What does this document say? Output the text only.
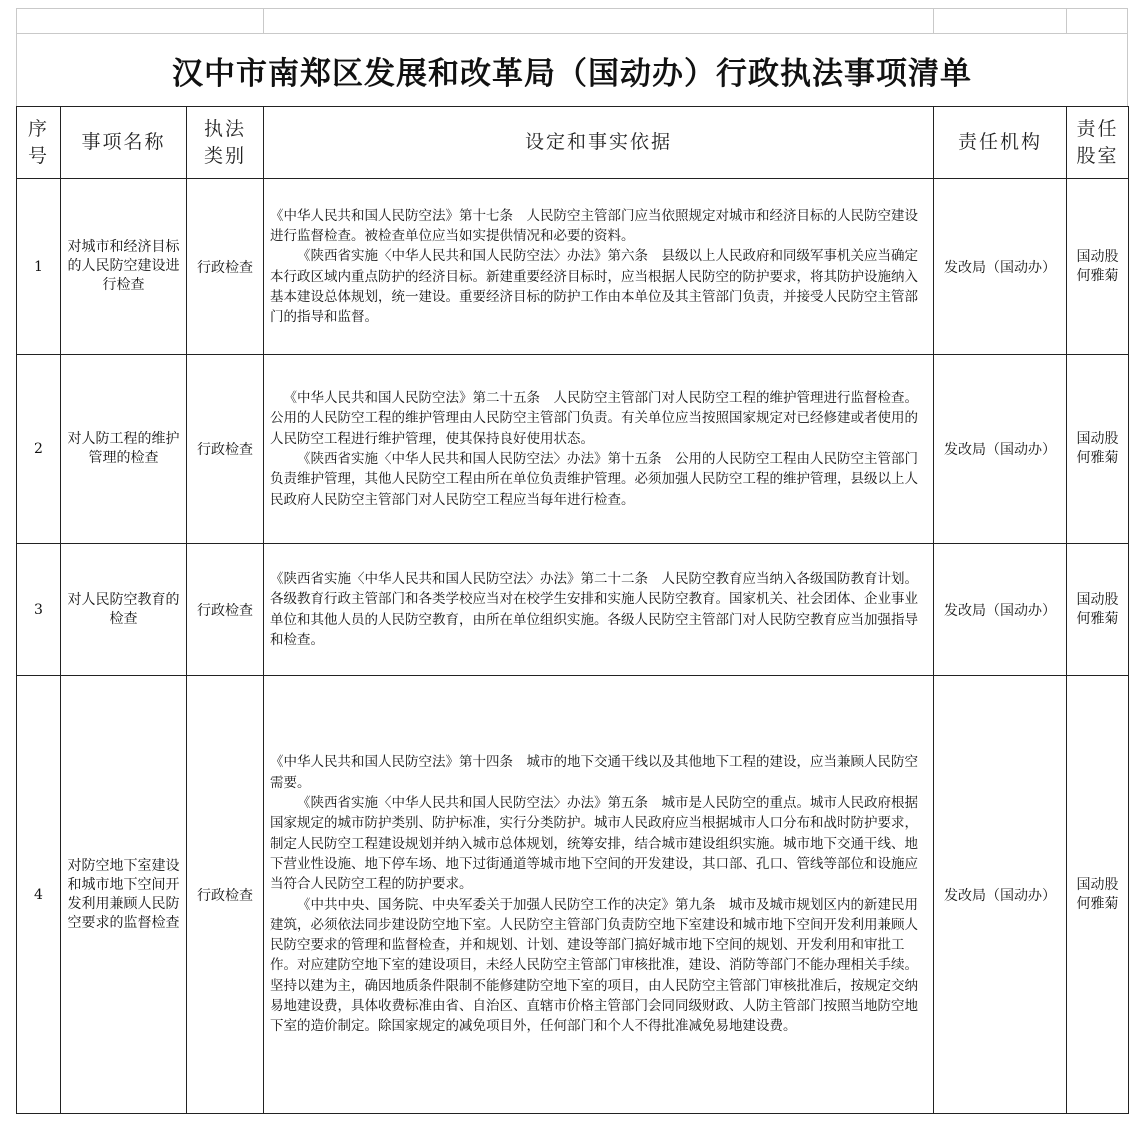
汉中市南郑区发展和改革局（国动办）行政执法事项清单
序号	事项名称	执法类别	设定和事实依据	责任机构	责任股室
1	对城市和经济目标的人民防空建设进行检查	行政检查	《中华人民共和国人民防空法》第十七条　人民防空主管部门应当依照规定对城市和经济目标的人民防空建设进行监督检查。被检查单位应当如实提供情况和必要的资料。

《陕西省实施〈中华人民共和国人民防空法〉办法》第六条　县级以上人民政府和同级军事机关应当确定本行政区域内重点防护的经济目标。新建重要经济目标时，应当根据人民防空的防护要求，将其防护设施纳入基本建设总体规划，统一建设。重要经济目标的防护工作由本单位及其主管部门负责，并接受人民防空主管部门的指导和监督。	发改局（国动办）	国动股何雅菊
2	对人防工程的维护管理的检查	行政检查	《中华人民共和国人民防空法》第二十五条　人民防空主管部门对人民防空工程的维护管理进行监督检查。公用的人民防空工程的维护管理由人民防空主管部门负责。有关单位应当按照国家规定对已经修建或者使用的人民防空工程进行维护管理，使其保持良好使用状态。

《陕西省实施〈中华人民共和国人民防空法〉办法》第十五条　公用的人民防空工程由人民防空主管部门负责维护管理，其他人民防空工程由所在单位负责维护管理。必须加强人民防空工程的维护管理，县级以上人民政府人民防空主管部门对人民防空工程应当每年进行检查。	发改局（国动办）	国动股何雅菊
3	对人民防空教育的检查	行政检查	《陕西省实施〈中华人民共和国人民防空法〉办法》第二十二条　人民防空教育应当纳入各级国防教育计划。各级教育行政主管部门和各类学校应当对在校学生安排和实施人民防空教育。国家机关、社会团体、企业事业单位和其他人员的人民防空教育，由所在单位组织实施。各级人民防空主管部门对人民防空教育应当加强指导和检查。	发改局（国动办）	国动股何雅菊
4	对防空地下室建设和城市地下空间开发利用兼顾人民防空要求的监督检查	行政检查	《中华人民共和国人民防空法》第十四条　城市的地下交通干线以及其他地下工程的建设，应当兼顾人民防空需要。

《陕西省实施〈中华人民共和国人民防空法〉办法》第五条　城市是人民防空的重点。城市人民政府根据国家规定的城市防护类别、防护标准，实行分类防护。城市人民政府应当根据城市人口分布和战时防护要求，制定人民防空工程建设规划并纳入城市总体规划，统筹安排，结合城市建设组织实施。城市地下交通干线、地下营业性设施、地下停车场、地下过街通道等城市地下空间的开发建设，其口部、孔口、管线等部位和设施应当符合人民防空工程的防护要求。

《中共中央、国务院、中央军委关于加强人民防空工作的决定》第九条　城市及城市规划区内的新建民用建筑，必须依法同步建设防空地下室。人民防空主管部门负责防空地下室建设和城市地下空间开发利用兼顾人民防空要求的管理和监督检查，并和规划、计划、建设等部门搞好城市地下空间的规划、开发利用和审批工作。对应建防空地下室的建设项目，未经人民防空主管部门审核批准，建设、消防等部门不能办理相关手续。坚持以建为主，确因地质条件限制不能修建防空地下室的项目，由人民防空主管部门审核批准后，按规定交纳易地建设费，具体收费标准由省、自治区、直辖市价格主管部门会同同级财政、人防主管部门按照当地防空地下室的造价制定。除国家规定的减免项目外，任何部门和个人不得批准减免易地建设费。	发改局（国动办）	国动股何雅菊
